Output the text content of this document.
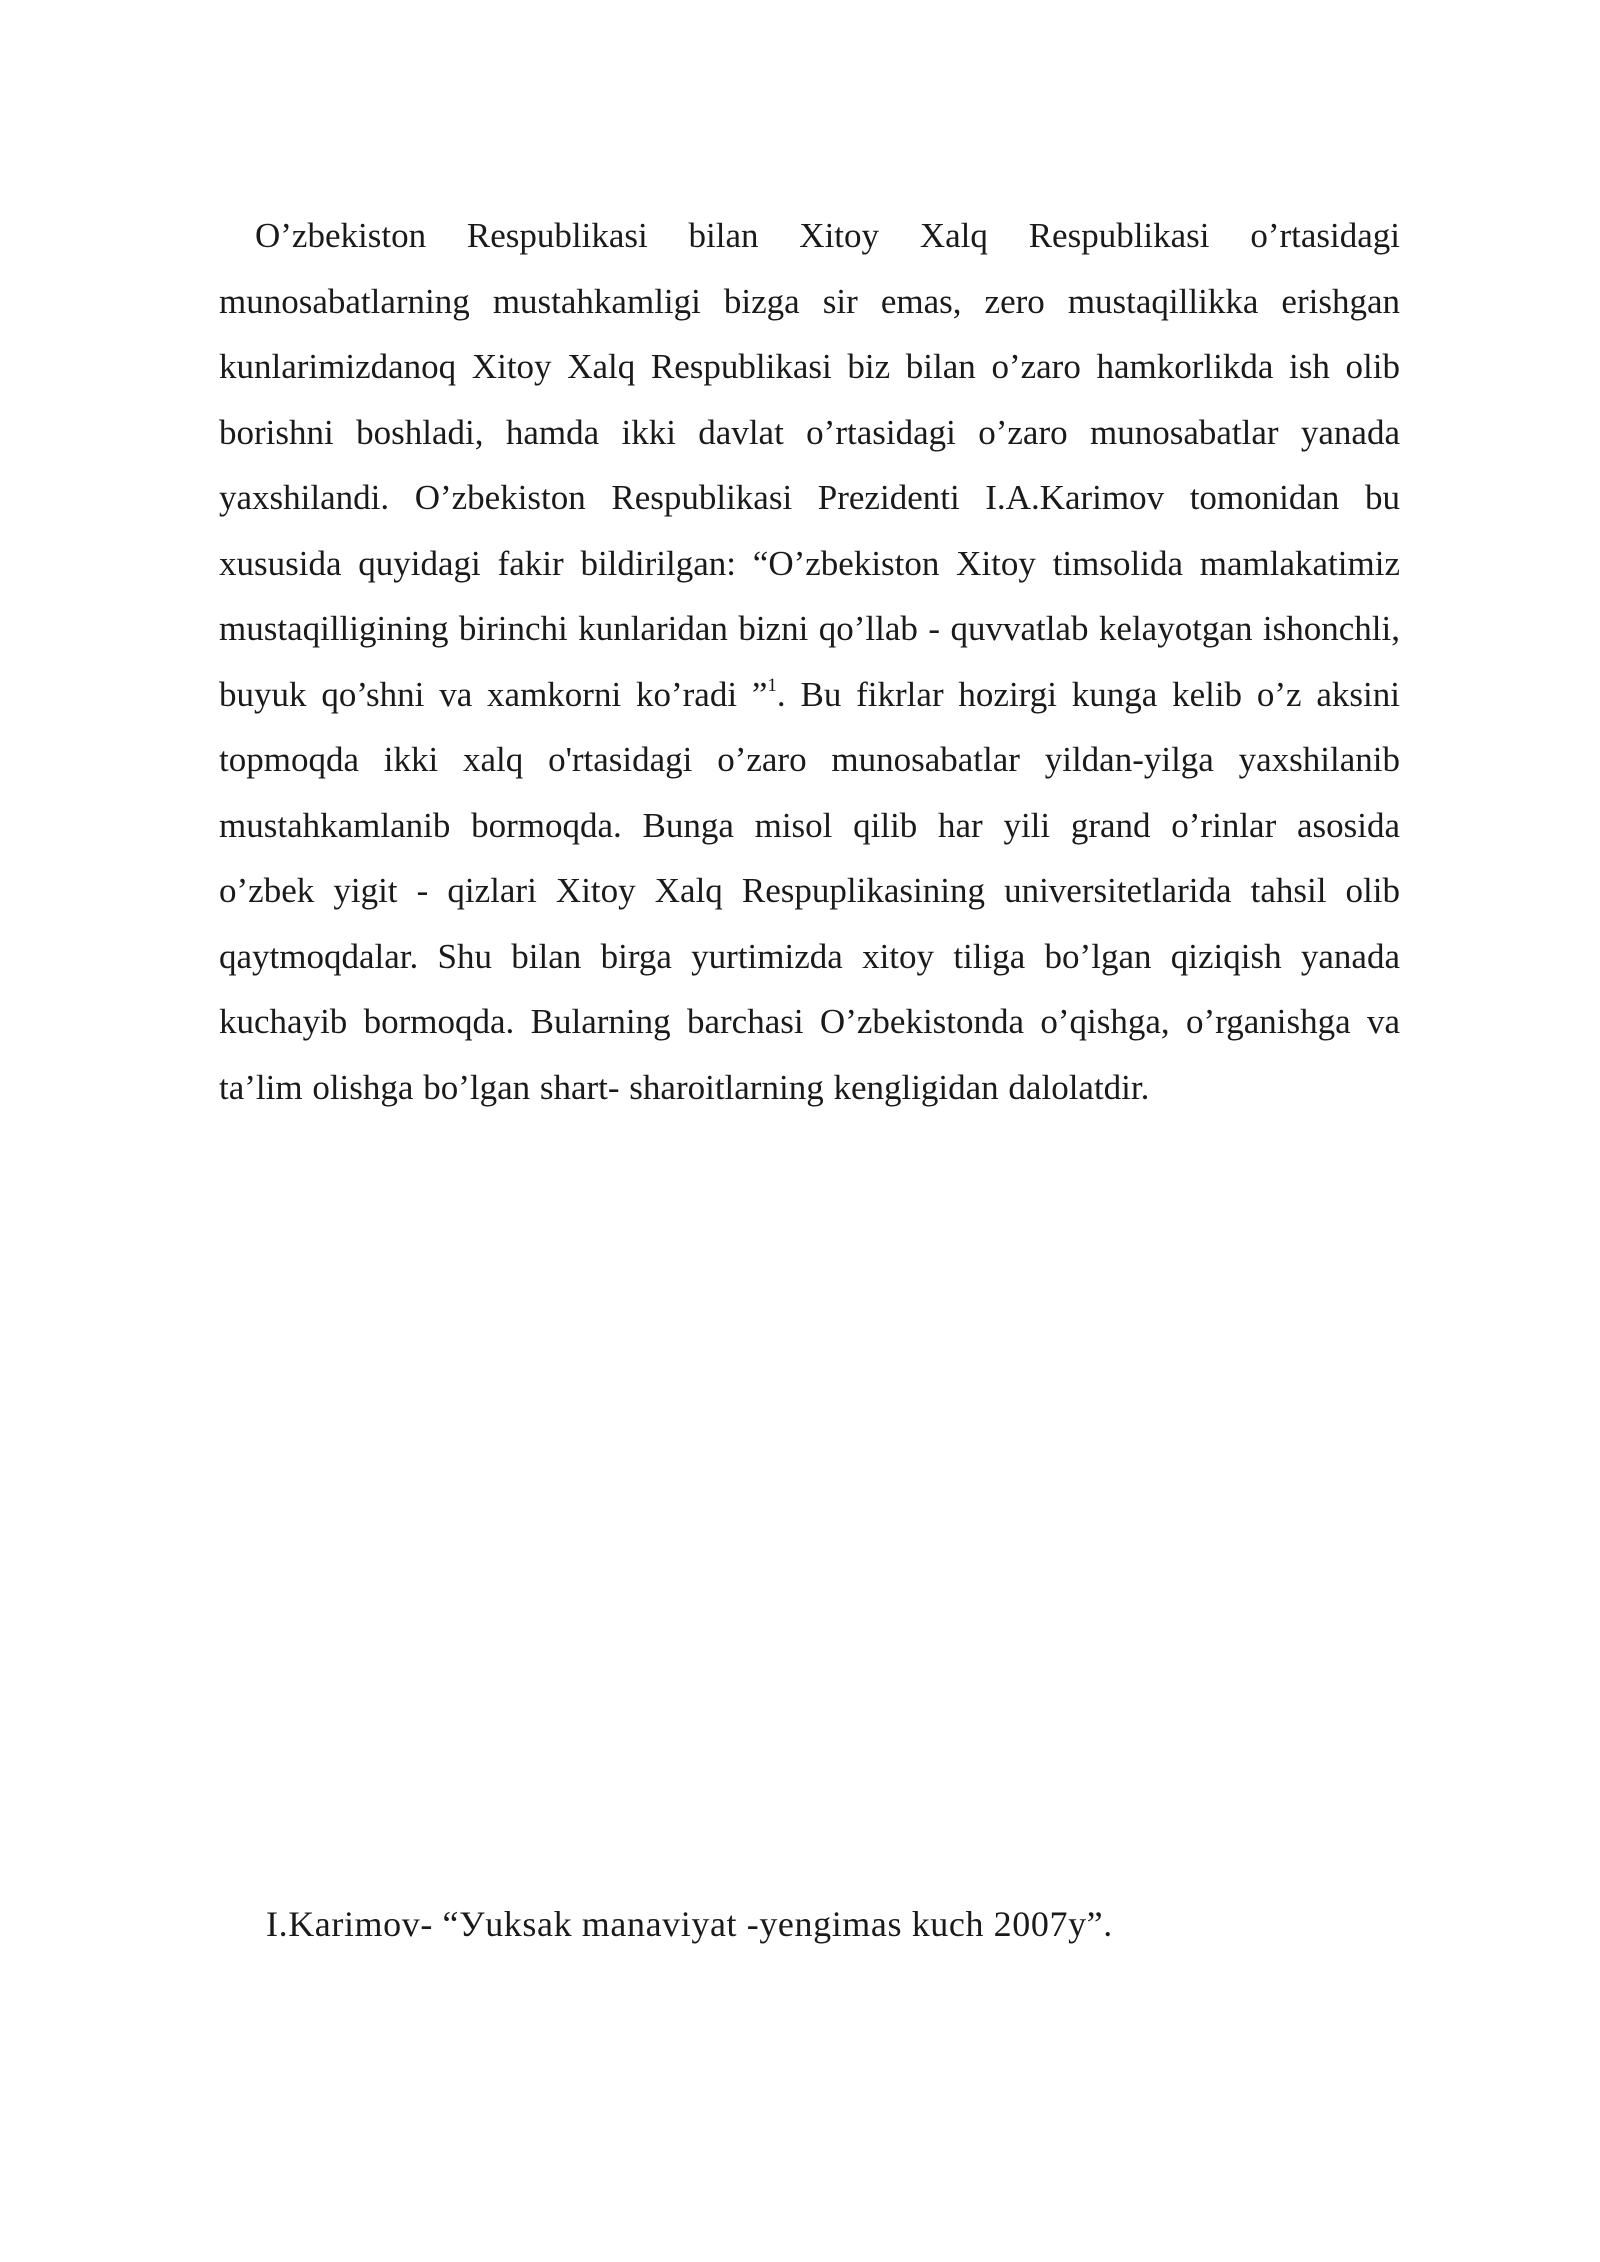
O’zbekiston Respublikasi bilan Xitoy Xalq Respublikasi o’rtasidagi munosabatlarning mustahkamligi bizga sir emas, zero mustaqillikka erishgan kunlarimizdanoq Xitoy Xalq Respublikasi biz bilan o’zaro hamkorlikda ish olib borishni boshladi, hamda ikki davlat o’rtasidagi o’zaro munosabatlar yanada yaxshilandi. O’zbekiston Respublikasi Prezidenti I.A.Karimov tomonidan bu xususida quyidagi fakir bildirilgan: “O’zbekiston Xitoy timsolida mamlakatimiz mustaqilligining birinchi kunlaridan bizni qo’llab - quvvatlab kelayotgan ishonchli, buyuk qo’shni va xamkorni ko’radi ”$^1$. Bu fikrlar hozirgi kunga kelib o’z aksini topmoqda ikki xalq o'rtasidagi o’zaro munosabatlar yildan-yilga yaxshilanib mustahkamlanib bormoqda. Bunga misol qilib har yili grand o’rinlar asosida o’zbek yigit - qizlari Xitoy Xalq Respuplikasining universitetlarida tahsil olib qaytmoqdalar. Shu bilan birga yurtimizda xitoy tiliga bo’lgan qiziqish yanada kuchayib bormoqda. Bularning barchasi O’zbekistonda o’qishga, o’rganishga va ta’lim olishga bo’lgan shart- sharoitlarning kengligidan dalolatdir.

I.Karimov- “Уuksak manaviyat -yengimas kuch 2007у”.
